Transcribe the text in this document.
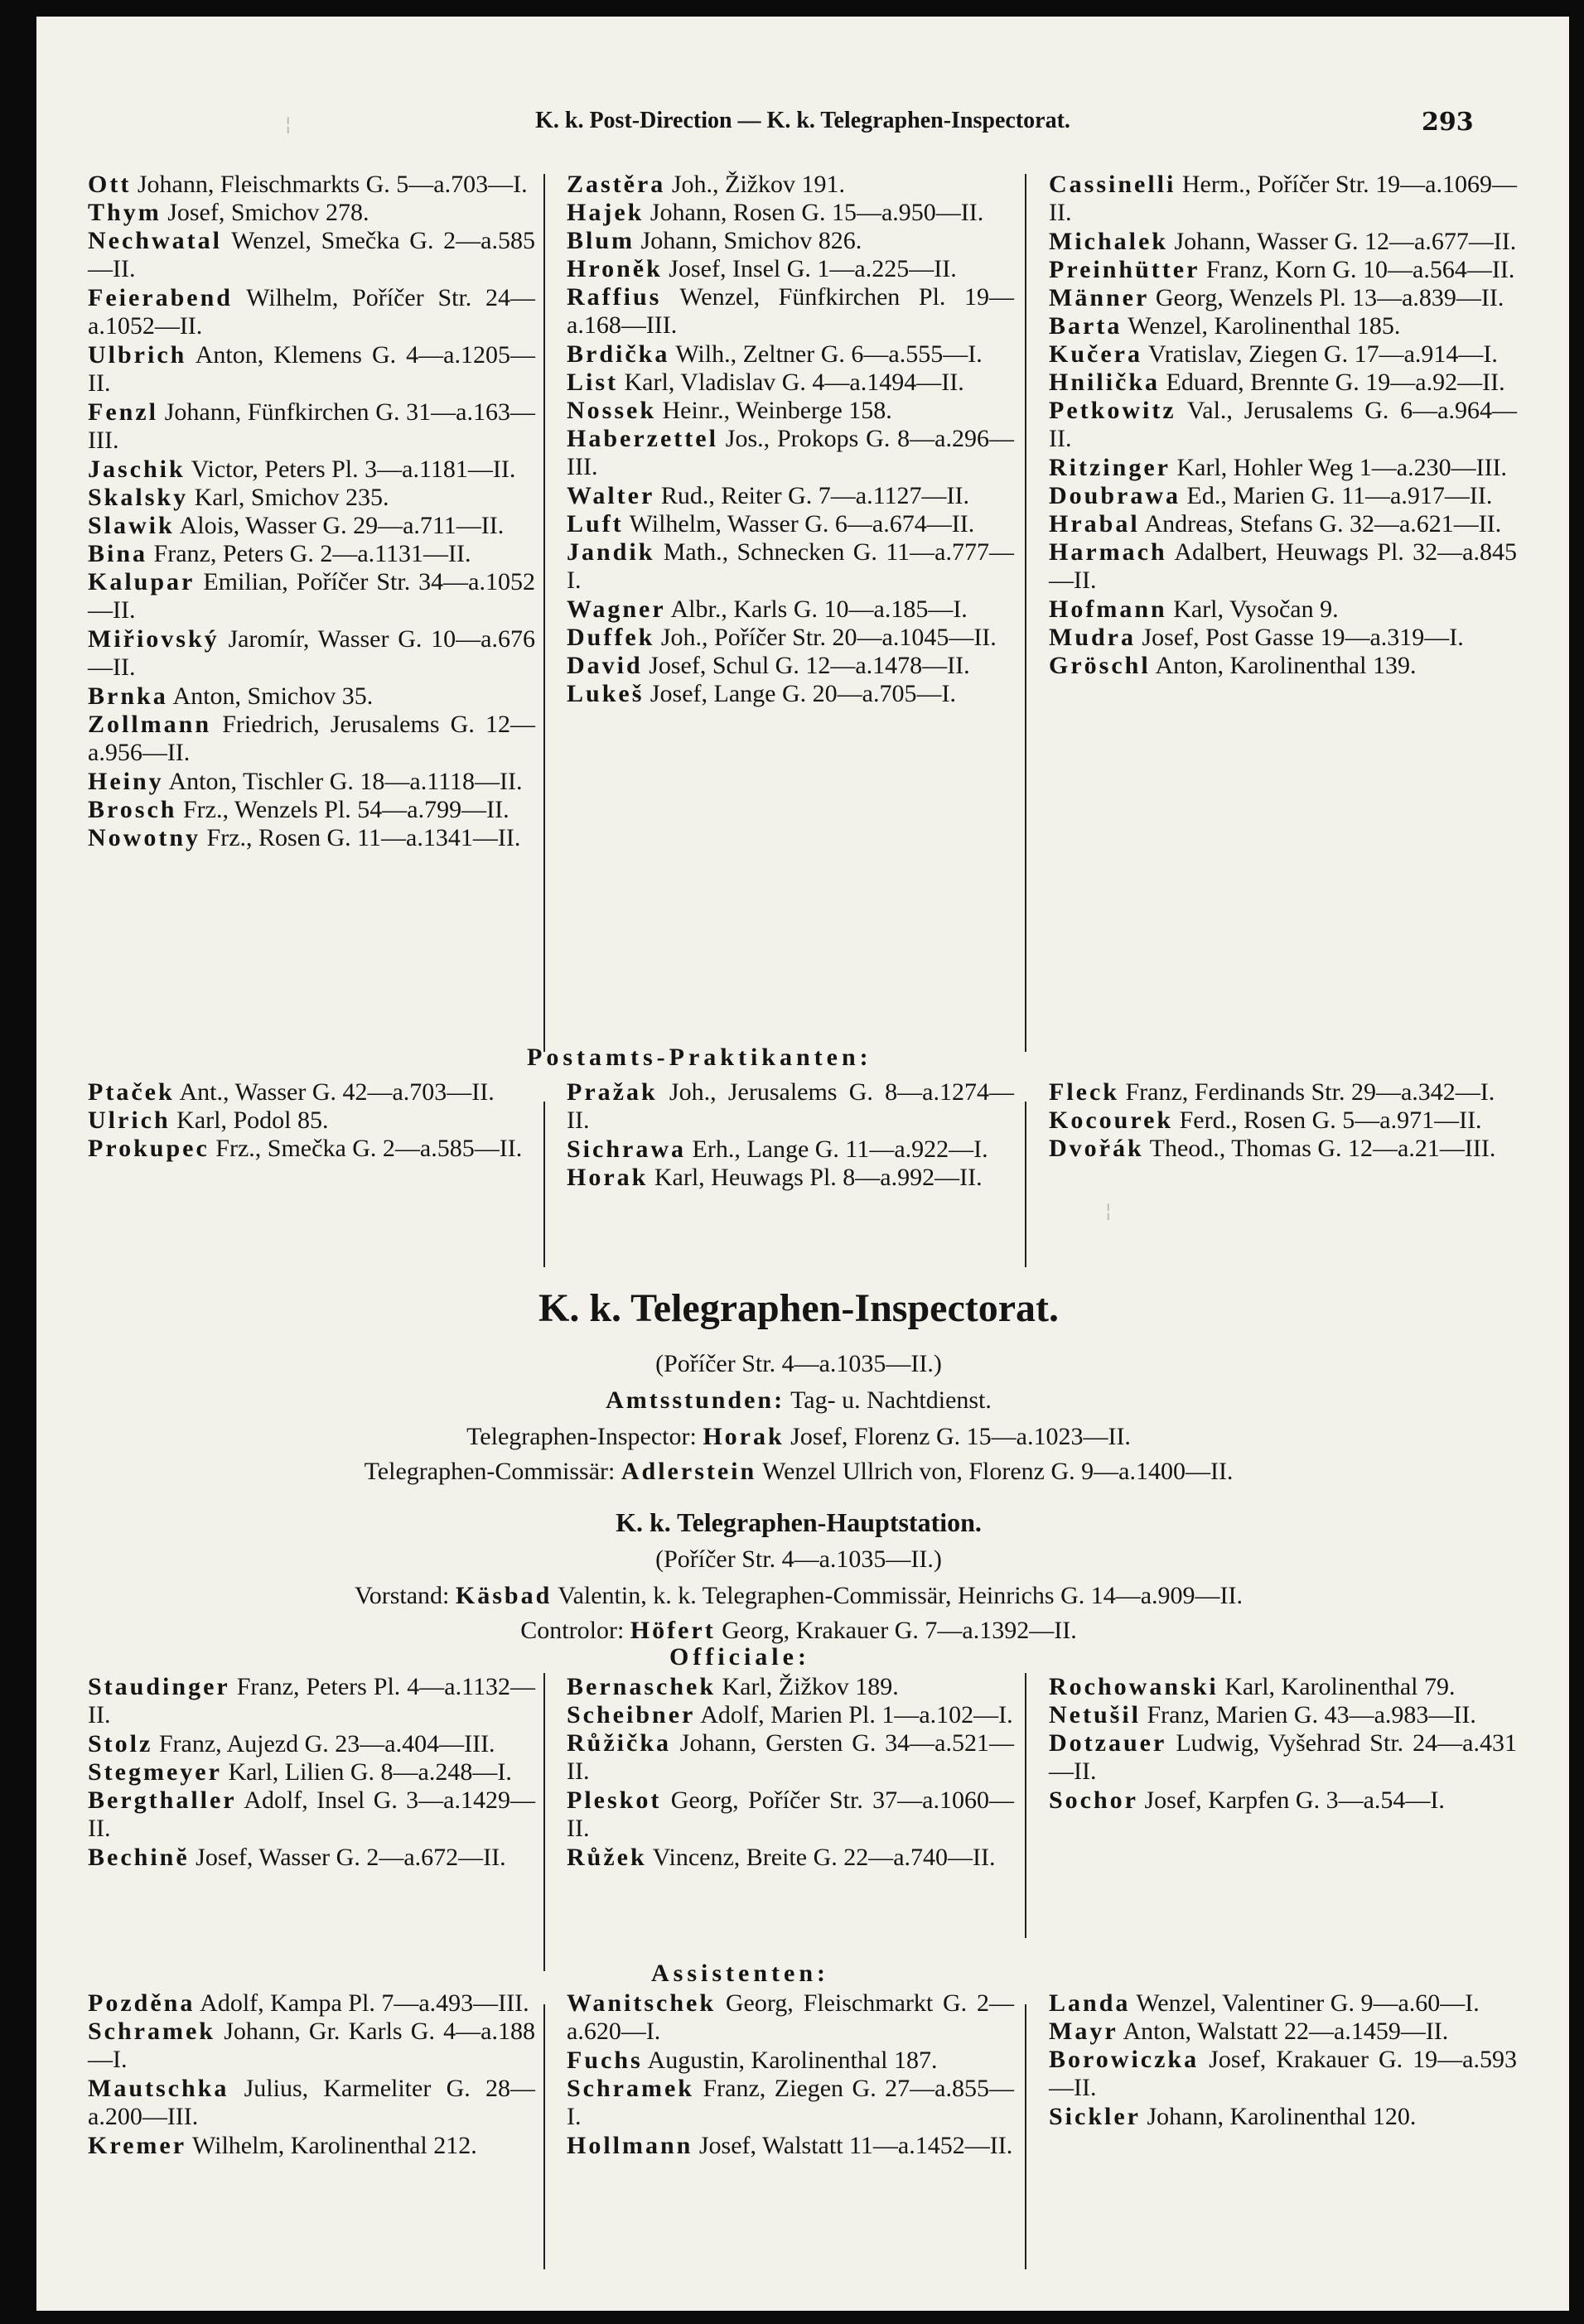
K. k. Post-Direction — K. k. Telegraphen-Inspectorat.	293
Ott Johann, Fleischmarkts G. 5—a.703—I.
Thym Josef, Smichov 278.
Nechwatal Wenzel, Smečka G. 2—a.585—II.
Feierabend Wilhelm, Poříčer Str. 24—a.1052—II.
Ulbrich Anton, Klemens G. 4—a.1205—II.
Fenzl Johann, Fünfkirchen G. 31—a.163—III.
Jaschik Victor, Peters Pl. 3—a.1181—II.
Skalsky Karl, Smichov 235.
Slawik Alois, Wasser G. 29—a.711—II.
Bina Franz, Peters G. 2—a.1131—II.
Kalupar Emilian, Poříčer Str. 34—a.1052—II.
Miřiovský Jaromír, Wasser G. 10—a.676—II.
Brnka Anton, Smichov 35.
Zollmann Friedrich, Jerusalems G. 12—a.956—II.
Heiny Anton, Tischler G. 18—a.1118—II.
Brosch Frz., Wenzels Pl. 54—a.799—II.
Nowotny Frz., Rosen G. 11—a.1341—II.
Zastěra Joh., Žižkov 191.
Hajek Johann, Rosen G. 15—a.950—II.
Blum Johann, Smichov 826.
Hroněk Josef, Insel G. 1—a.225—II.
Raffius Wenzel, Fünfkirchen Pl. 19—a.168—III.
Brdička Wilh., Zeltner G. 6—a.555—I.
List Karl, Vladislav G. 4—a.1494—II.
Nossek Heinr., Weinberge 158.
Haberzettel Jos., Prokops G. 8—a.296—III.
Walter Rud., Reiter G. 7—a.1127—II.
Luft Wilhelm, Wasser G. 6—a.674—II.
Jandik Math., Schnecken G. 11—a.777—I.
Wagner Albr., Karls G. 10—a.185—I.
Duffek Joh., Poříčer Str. 20—a.1045—II.
David Josef, Schul G. 12—a.1478—II.
Lukeš Josef, Lange G. 20—a.705—I.
Cassinelli Herm., Poříčer Str. 19—a.1069—II.
Michalek Johann, Wasser G. 12—a.677—II.
Preinhütter Franz, Korn G. 10—a.564—II.
Männer Georg, Wenzels Pl. 13—a.839—II.
Barta Wenzel, Karolinenthal 185.
Kučera Vratislav, Ziegen G. 17—a.914—I.
Hnilička Eduard, Brennte G. 19—a.92—II.
Petkowitz Val., Jerusalems G. 6—a.964—II.
Ritzinger Karl, Hohler Weg 1—a.230—III.
Doubrawa Ed., Marien G. 11—a.917—II.
Hrabal Andreas, Stefans G. 32—a.621—II.
Harmach Adalbert, Heuwags Pl. 32—a.845—II.
Hofmann Karl, Vysočan 9.
Mudra Josef, Post Gasse 19—a.319—I.
Gröschl Anton, Karolinenthal 139.
Postamts-Praktikanten:
Ptaček Ant., Wasser G. 42—a.703—II.
Ulrich Karl, Podol 85.
Prokupec Frz., Smečka G. 2—a.585—II.
Pražak Joh., Jerusalems G. 8—a.1274—II.
Sichrawa Erh., Lange G. 11—a.922—I.
Horak Karl, Heuwags Pl. 8—a.992—II.
Fleck Franz, Ferdinands Str. 29—a.342—I.
Kocourek Ferd., Rosen G. 5—a.971—II.
Dvořák Theod., Thomas G. 12—a.21—III.
K. k. Telegraphen-Inspectorat.
(Poříčer Str. 4—a.1035—II.)
Amtsstunden: Tag- u. Nachtdienst.
Telegraphen-Inspector: Horak Josef, Florenz G. 15—a.1023—II.
Telegraphen-Commissär: Adlerstein Wenzel Ullrich von, Florenz G. 9—a.1400—II.
K. k. Telegraphen-Hauptstation.
(Poříčer Str. 4—a.1035—II.)
Vorstand: Käsbad Valentin, k. k. Telegraphen-Commissär, Heinrichs G. 14—a.909—II.
Controlor: Höfert Georg, Krakauer G. 7—a.1392—II.
Officiale:
Staudinger Franz, Peters Pl. 4—a.1132—II.
Stolz Franz, Aujezd G. 23—a.404—III.
Stegmeyer Karl, Lilien G. 8—a.248—I.
Bergthaller Adolf, Insel G. 3—a.1429—II.
Bechinĕ Josef, Wasser G. 2—a.672—II.
Bernaschek Karl, Žižkov 189.
Scheibner Adolf, Marien Pl. 1—a.102—I.
Růžička Johann, Gersten G. 34—a.521—II.
Pleskot Georg, Poříčer Str. 37—a.1060—II.
Růžek Vincenz, Breite G. 22—a.740—II.
Rochowanski Karl, Karolinenthal 79.
Netušil Franz, Marien G. 43—a.983—II.
Dotzauer Ludwig, Vyšehrad Str. 24—a.431—II.
Sochor Josef, Karpfen G. 3—a.54—I.
Assistenten:
Pozděna Adolf, Kampa Pl. 7—a.493—III.
Schramek Johann, Gr. Karls G. 4—a.188—I.
Mautschka Julius, Karmeliter G. 28—a.200—III.
Kremer Wilhelm, Karolinenthal 212.
Wanitschek Georg, Fleischmarkt G. 2—a.620—I.
Fuchs Augustin, Karolinenthal 187.
Schramek Franz, Ziegen G. 27—a.855—I.
Hollmann Josef, Walstatt 11—a.1452—II.
Landa Wenzel, Valentiner G. 9—a.60—I.
Mayr Anton, Walstatt 22—a.1459—II.
Borowiczka Josef, Krakauer G. 19—a.593—II.
Sickler Johann, Karolinenthal 120.
¦
¦
